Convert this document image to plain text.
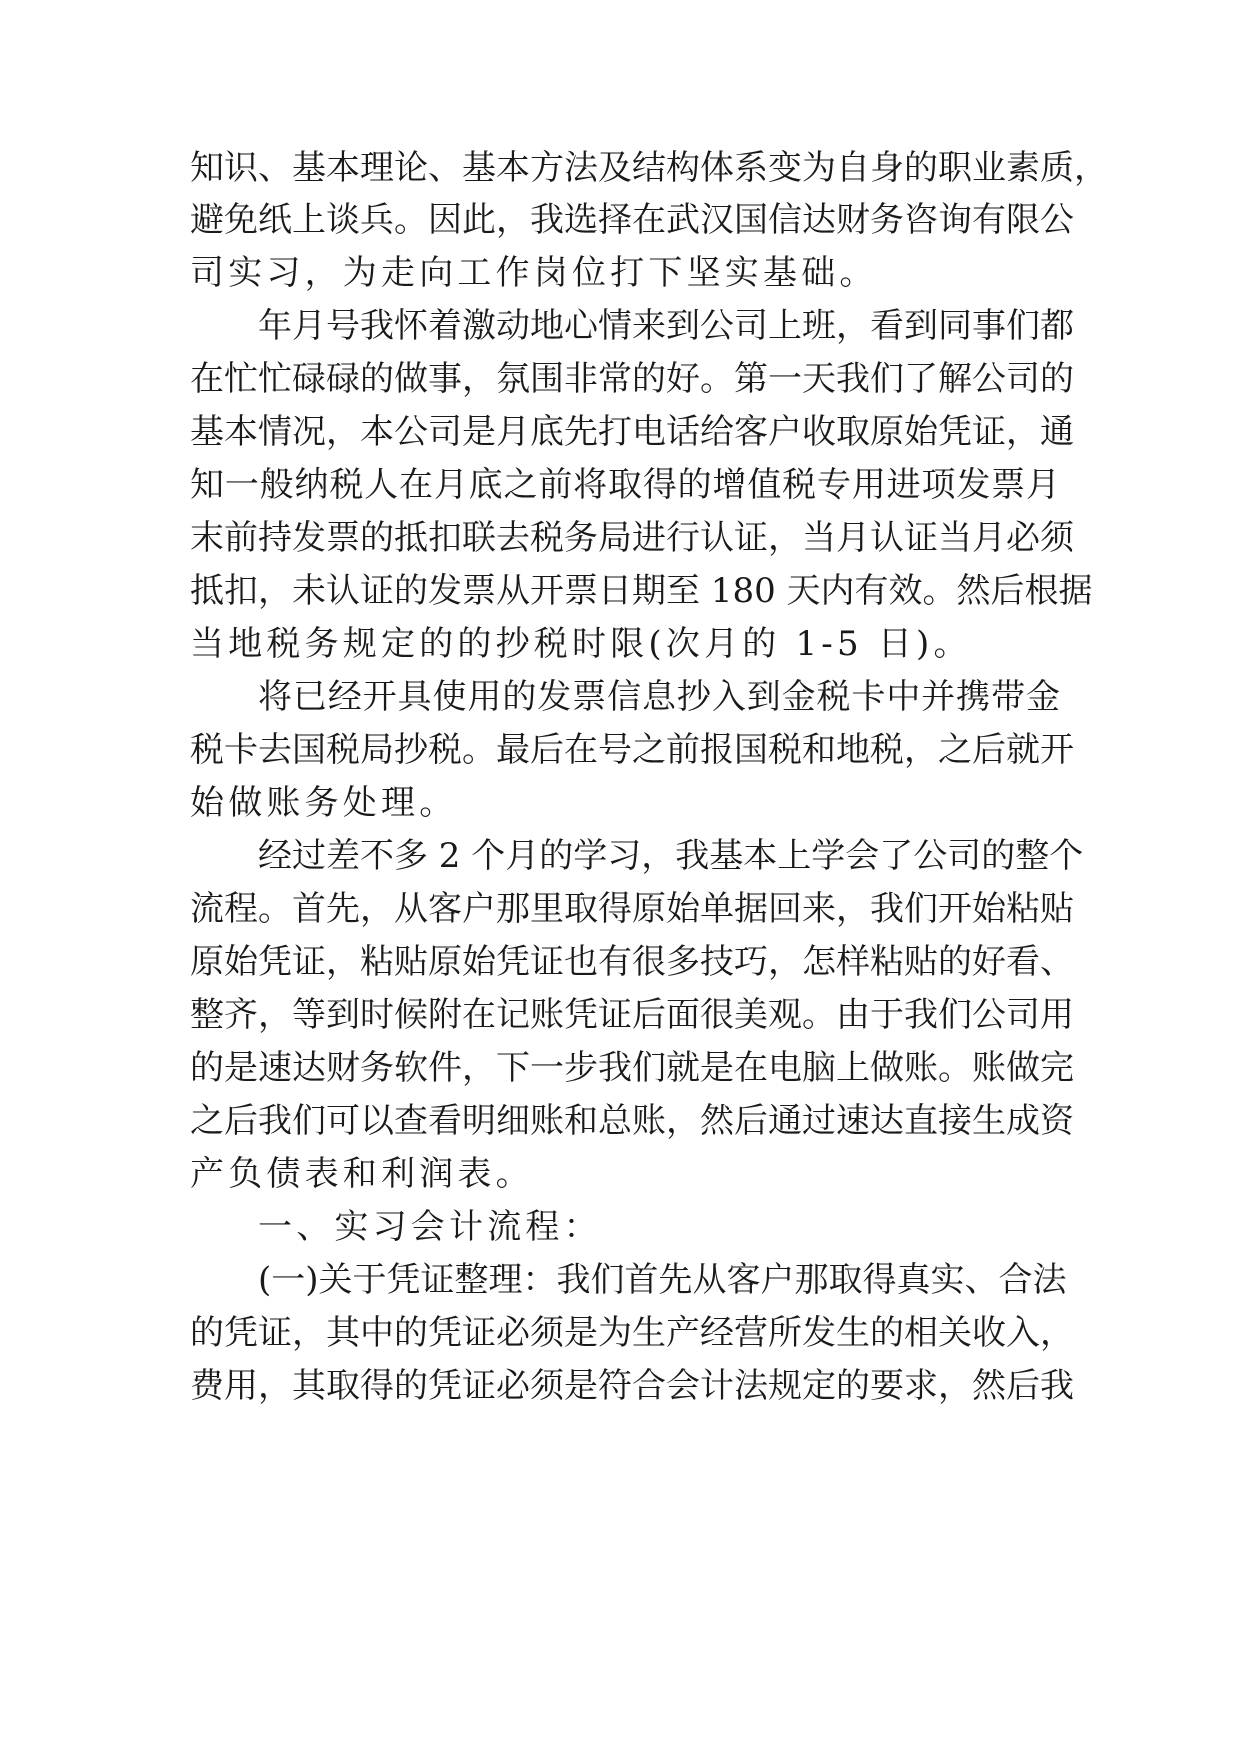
知识、基本理论、基本方法及结构体系变为自身的职业素质，
避免纸上谈兵。因此，我选择在武汉国信达财务咨询有限公
司实习，为走向工作岗位打下坚实基础。
年月号我怀着激动地心情来到公司上班，看到同事们都
在忙忙碌碌的做事，氛围非常的好。第一天我们了解公司的
基本情况，本公司是月底先打电话给客户收取原始凭证，通
知一般纳税人在月底之前将取得的增值税专用进项发票月
末前持发票的抵扣联去税务局进行认证，当月认证当月必须
抵扣，未认证的发票从开票日期至 180 天内有效。然后根据
当地税务规定的的抄税时限(次月的 1-5 日)。
将已经开具使用的发票信息抄入到金税卡中并携带金
税卡去国税局抄税。最后在号之前报国税和地税，之后就开
始做账务处理。
经过差不多 2 个月的学习，我基本上学会了公司的整个
流程。首先，从客户那里取得原始单据回来，我们开始粘贴
原始凭证，粘贴原始凭证也有很多技巧，怎样粘贴的好看、
整齐，等到时候附在记账凭证后面很美观。由于我们公司用
的是速达财务软件，下一步我们就是在电脑上做账。账做完
之后我们可以查看明细账和总账，然后通过速达直接生成资
产负债表和利润表。
一、实习会计流程：
(一)关于凭证整理：我们首先从客户那取得真实、合法
的凭证，其中的凭证必须是为生产经营所发生的相关收入，
费用，其取得的凭证必须是符合会计法规定的要求，然后我
